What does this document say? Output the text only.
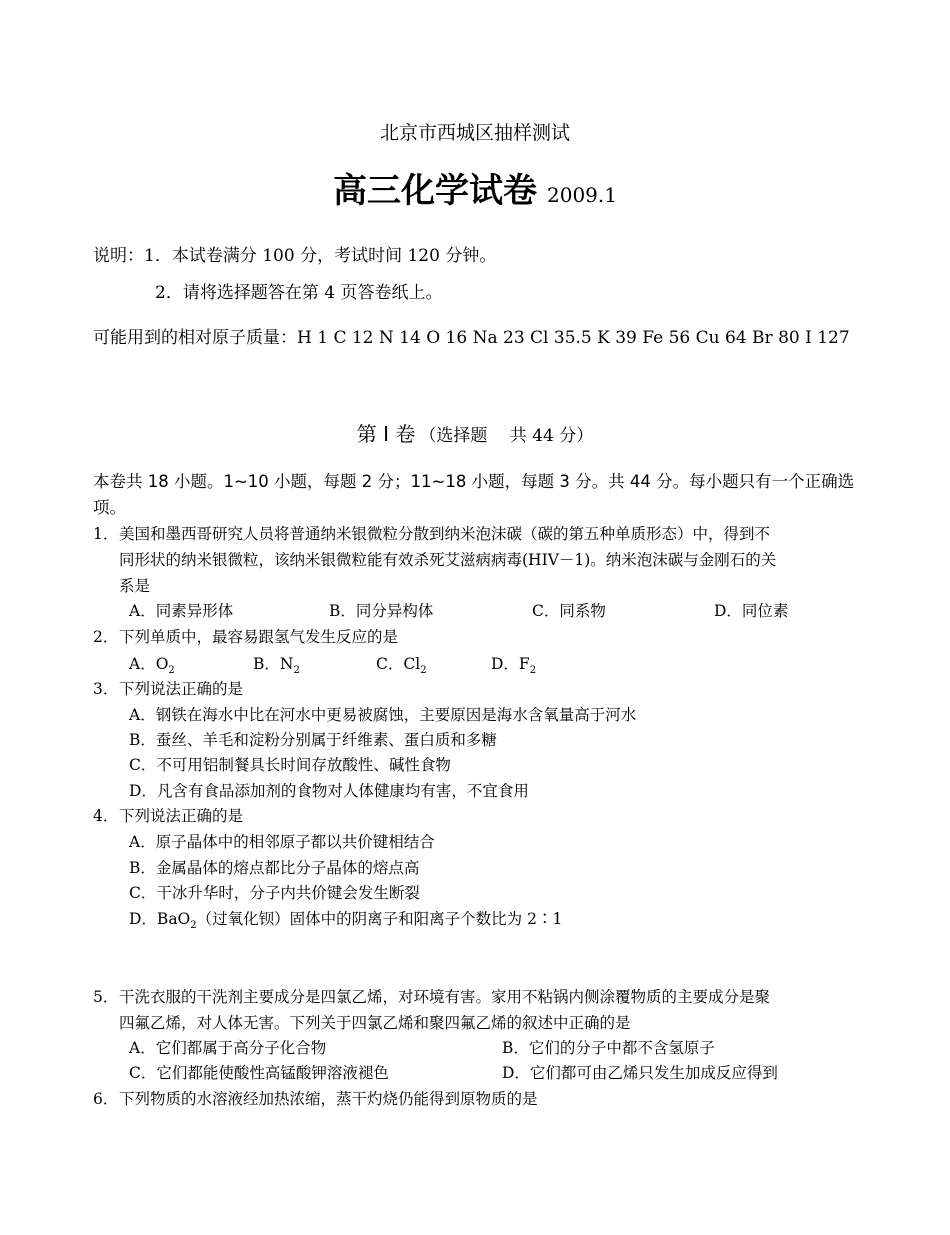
北京市西城区抽样测试
高三化学试卷 2009.1
说明：1．本试卷满分 100 分，考试时间 120 分钟。
2．请将选择题答在第 4 页答卷纸上。
可能用到的相对原子质量：H 1 C 12 N 14 O 16 Na 23 Cl 35.5 K 39 Fe 56 Cu 64 Br 80 I 127
第 Ⅰ 卷 （选择题　 共 44 分）
本卷共 18 小题。1~10 小题，每题 2 分；11~18 小题，每题 3 分。共 44 分。每小题只有一个正确选项。
1． 美国和墨西哥研究人员将普通纳米银微粒分散到纳米泡沫碳（碳的第五种单质形态）中，得到不
同形状的纳米银微粒，该纳米银微粒能有效杀死艾滋病病毒(HIV－1)。纳米泡沫碳与金刚石的关
系是
A．同素异形体	B．同分异构体	C．同系物	D．同位素
2． 下列单质中，最容易跟氢气发生反应的是
A．$O_2$	B．$N_2$	C．$Cl_2$	D．$F_2$
3． 下列说法正确的是
A．钢铁在海水中比在河水中更易被腐蚀，主要原因是海水含氧量高于河水
B．蚕丝、羊毛和淀粉分别属于纤维素、蛋白质和多糖
C．不可用铝制餐具长时间存放酸性、碱性食物
D．凡含有食品添加剂的食物对人体健康均有害，不宜食用
4． 下列说法正确的是
A．原子晶体中的相邻原子都以共价键相结合
B．金属晶体的熔点都比分子晶体的熔点高
C．干冰升华时，分子内共价键会发生断裂
D．BaO$_2$（过氧化钡）固体中的阴离子和阳离子个数比为 2∶1
5． 干洗衣服的干洗剂主要成分是四氯乙烯，对环境有害。家用不粘锅内侧涂覆物质的主要成分是聚
四氟乙烯，对人体无害。下列关于四氯乙烯和聚四氟乙烯的叙述中正确的是
A．它们都属于高分子化合物	B．它们的分子中都不含氢原子
C．它们都能使酸性高锰酸钾溶液褪色	D．它们都可由乙烯只发生加成反应得到
6． 下列物质的水溶液经加热浓缩，蒸干灼烧仍能得到原物质的是
